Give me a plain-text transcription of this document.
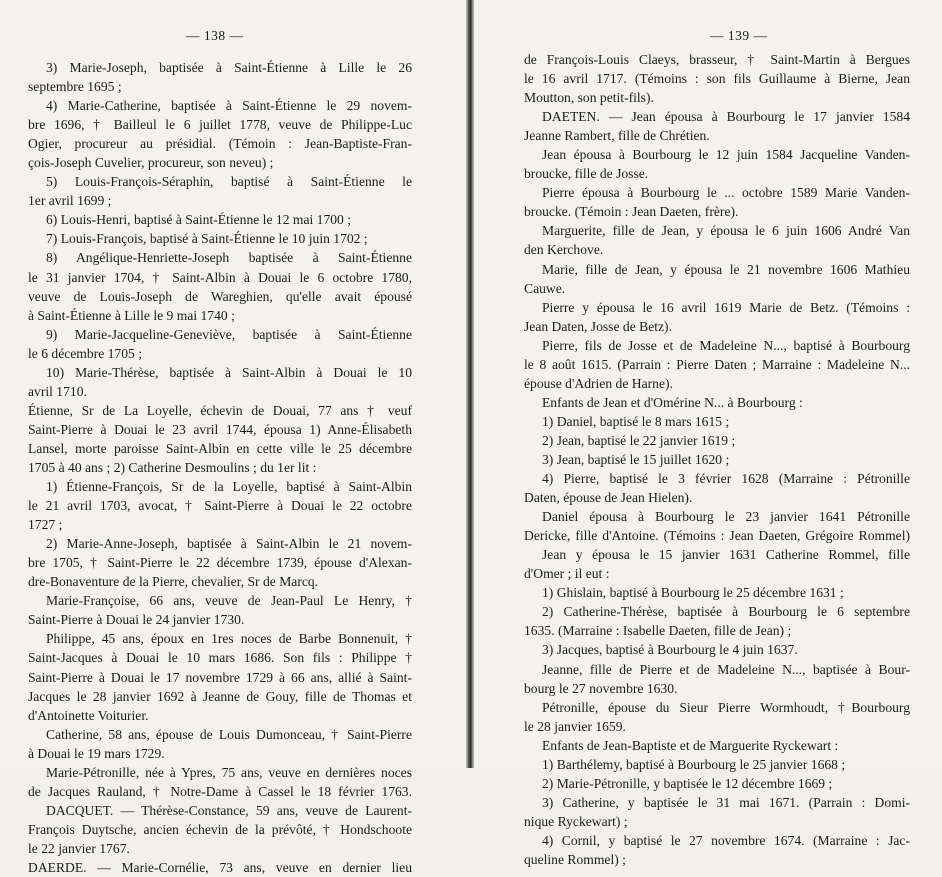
— 138 —
3) Marie-Joseph, baptisée à Saint-Étienne à Lille le 26
septembre 1695 ;
4) Marie-Catherine, baptisée à Saint-Étienne le 29 novem-
bre 1696, † Bailleul le 6 juillet 1778, veuve de Philippe-Luc
Ogier, procureur au présidial. (Témoin : Jean-Baptiste-Fran-
çois-Joseph Cuvelier, procureur, son neveu) ;
5) Louis-François-Séraphin, baptisé à Saint-Étienne le
1er avril 1699 ;
6) Louis-Henri, baptisé à Saint-Étienne le 12 mai 1700 ;
7) Louis-François, baptisé à Saint-Étienne le 10 juin 1702 ;
8) Angélique-Henriette-Joseph baptisée à Saint-Étienne
le 31 janvier 1704, † Saint-Albin à Douai le 6 octobre 1780,
veuve de Louis-Joseph de Wareghien, qu'elle avait épousé
à Saint-Étienne à Lille le 9 mai 1740 ;
9) Marie-Jacqueline-Geneviève, baptisée à Saint-Étienne
le 6 décembre 1705 ;
10) Marie-Thérèse, baptisée à Saint-Albin à Douai le 10
avril 1710.
Étienne, Sr de La Loyelle, échevin de Douai, 77 ans † veuf
Saint-Pierre à Douai le 23 avril 1744, épousa 1) Anne-Élisabeth
Lansel, morte paroisse Saint-Albin en cette ville le 25 décembre
1705 à 40 ans ; 2) Catherine Desmoulins ; du 1er lit :
1) Étienne-François, Sr de la Loyelle, baptisé à Saint-Albin
le 21 avril 1703, avocat, † Saint-Pierre à Douai le 22 octobre
1727 ;
2) Marie-Anne-Joseph, baptisée à Saint-Albin le 21 novem-
bre 1705, † Saint-Pierre le 22 décembre 1739, épouse d'Alexan-
dre-Bonaventure de la Pierre, chevalier, Sr de Marcq.
Marie-Françoise, 66 ans, veuve de Jean-Paul Le Henry, †
Saint-Pierre à Douai le 24 janvier 1730.
Philippe, 45 ans, époux en 1res noces de Barbe Bonnenuit, †
Saint-Jacques à Douai le 10 mars 1686. Son fils : Philippe †
Saint-Pierre à Douai le 17 novembre 1729 à 66 ans, allié à Saint-
Jacques le 28 janvier 1692 à Jeanne de Gouy, fille de Thomas et
d'Antoinette Voiturier.
Catherine, 58 ans, épouse de Louis Dumonceau, † Saint-Pierre
à Douai le 19 mars 1729.
Marie-Pétronille, née à Ypres, 75 ans, veuve en dernières noces
de Jacques Rauland, † Notre-Dame à Cassel le 18 février 1763.
DACQUET. — Thérèse-Constance, 59 ans, veuve de Laurent-
François Duytsche, ancien échevin de la prévôté, † Hondschoote
le 22 janvier 1767.
DAERDE. — Marie-Cornélie, 73 ans, veuve en dernier lieu
— 139 —
de François-Louis Claeys, brasseur, † Saint-Martin à Bergues
le 16 avril 1717. (Témoins : son fils Guillaume à Bierne, Jean
Moutton, son petit-fils).
DAETEN. — Jean épousa à Bourbourg le 17 janvier 1584
Jeanne Rambert, fille de Chrétien.
Jean épousa à Bourbourg le 12 juin 1584 Jacqueline Vanden-
broucke, fille de Josse.
Pierre épousa à Bourbourg le ... octobre 1589 Marie Vanden-
broucke. (Témoin : Jean Daeten, frère).
Marguerite, fille de Jean, y épousa le 6 juin 1606 André Van
den Kerchove.
Marie, fille de Jean, y épousa le 21 novembre 1606 Mathieu
Cauwe.
Pierre y épousa le 16 avril 1619 Marie de Betz. (Témoins :
Jean Daten, Josse de Betz).
Pierre, fils de Josse et de Madeleine N..., baptisé à Bourbourg
le 8 août 1615. (Parrain : Pierre Daten ; Marraine : Madeleine N...
épouse d'Adrien de Harne).
Enfants de Jean et d'Omérine N... à Bourbourg :
1) Daniel, baptisé le 8 mars 1615 ;
2) Jean, baptisé le 22 janvier 1619 ;
3) Jean, baptisé le 15 juillet 1620 ;
4) Pierre, baptisé le 3 février 1628 (Marraine : Pétronille
Daten, épouse de Jean Hielen).
Daniel épousa à Bourbourg le 23 janvier 1641 Pétronille
Dericke, fille d'Antoine. (Témoins : Jean Daeten, Grégoire Rommel)
Jean y épousa le 15 janvier 1631 Catherine Rommel, fille
d'Omer ; il eut :
1) Ghislain, baptisé à Bourbourg le 25 décembre 1631 ;
2) Catherine-Thérèse, baptisée à Bourbourg le 6 septembre
1635. (Marraine : Isabelle Daeten, fille de Jean) ;
3) Jacques, baptisé à Bourbourg le 4 juin 1637.
Jeanne, fille de Pierre et de Madeleine N..., baptisée à Bour-
bourg le 27 novembre 1630.
Pétronille, épouse du Sieur Pierre Wormhoudt, †Bourbourg
le 28 janvier 1659.
Enfants de Jean-Baptiste et de Marguerite Ryckewart :
1) Barthélemy, baptisé à Bourbourg le 25 janvier 1668 ;
2) Marie-Pétronille, y baptisée le 12 décembre 1669 ;
3) Catherine, y baptisée le 31 mai 1671. (Parrain : Domi-
nique Ryckewart) ;
4) Cornil, y baptisé le 27 novembre 1674. (Marraine : Jac-
queline Rommel) ;
